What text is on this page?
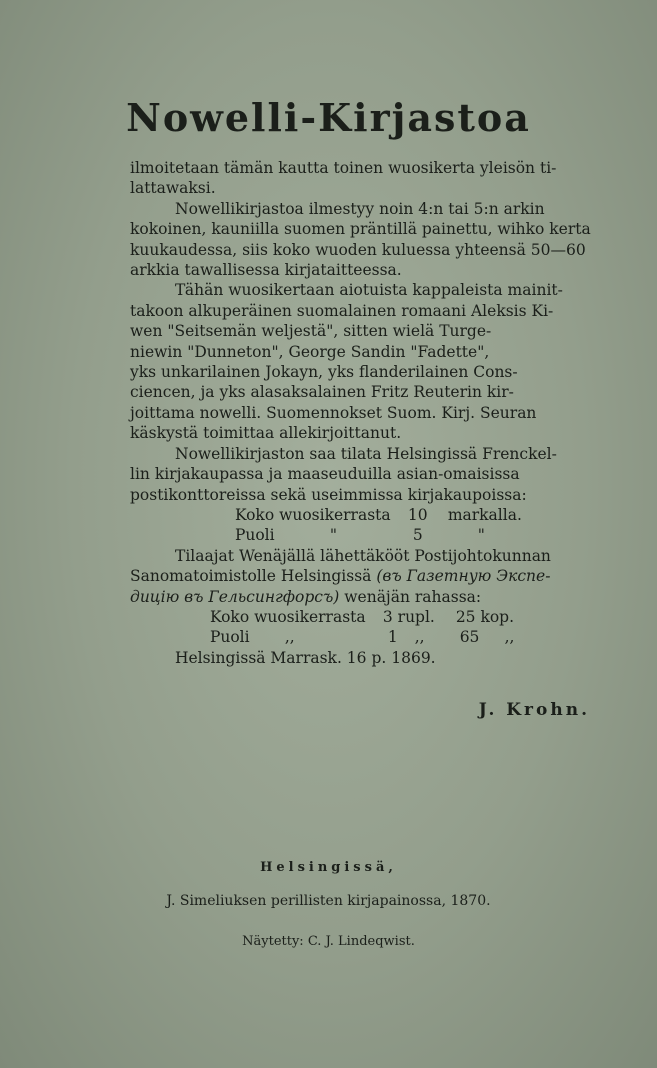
Nowelli-Kirjastoa

ilmoitetaan tämän kautta toinen wuosikerta yleisön ti-
lattawaksi.

Nowellikirjastoa ilmestyy noin 4:n tai 5:n arkin
kokoinen, kauniilla suomen präntillä painettu, wihko kerta
kuukaudessa, siis koko wuoden kuluessa yhteensä 50—60
arkkia tawallisessa kirjataitteessa.

Tähän wuosikertaan aiotuista kappaleista mainit-
takoon alkuperäinen suomalainen romaani Aleksis Ki-
wen "Seitsemän weljestä", sitten wielä Turge-
niewin "Dunneton", George Sandin "Fadette",
yks unkarilainen Jokayn, yks flanderilainen Cons-
ciencen, ja yks alasaksalainen Fritz Reuterin kir-
joittama nowelli. Suomennokset Suom. Kirj. Seuran
käskystä toimittaa allekirjoittanut.

Nowellikirjaston saa tilata Helsingissä Frenckel-
lin kirjakaupassa ja maaseuduilla asian-omaisissa
postikonttoreissa sekä useimmissa kirjakaupoissa:

Koko wuosikerrasta 10 markalla.
Puoli	"	5	"

Tilaajat Wenäjällä lähettäkööt Postijohtokunnan
Sanomatoimistolle Helsingissä (въ Газетную Экспе-
дицію въ Гельсингфорсъ) wenäjän rahassa:

Koko wuosikerrasta 3 rupl. 25 kop.
Puoli ,,	1 ,, 65 ,,
Helsingissä Marrask. 16 p. 1869.
J. Krohn.
Helsingissä,
J. Simeliuksen perillisten kirjapainossa, 1870.
Näytetty: C. J. Lindeqwist.
